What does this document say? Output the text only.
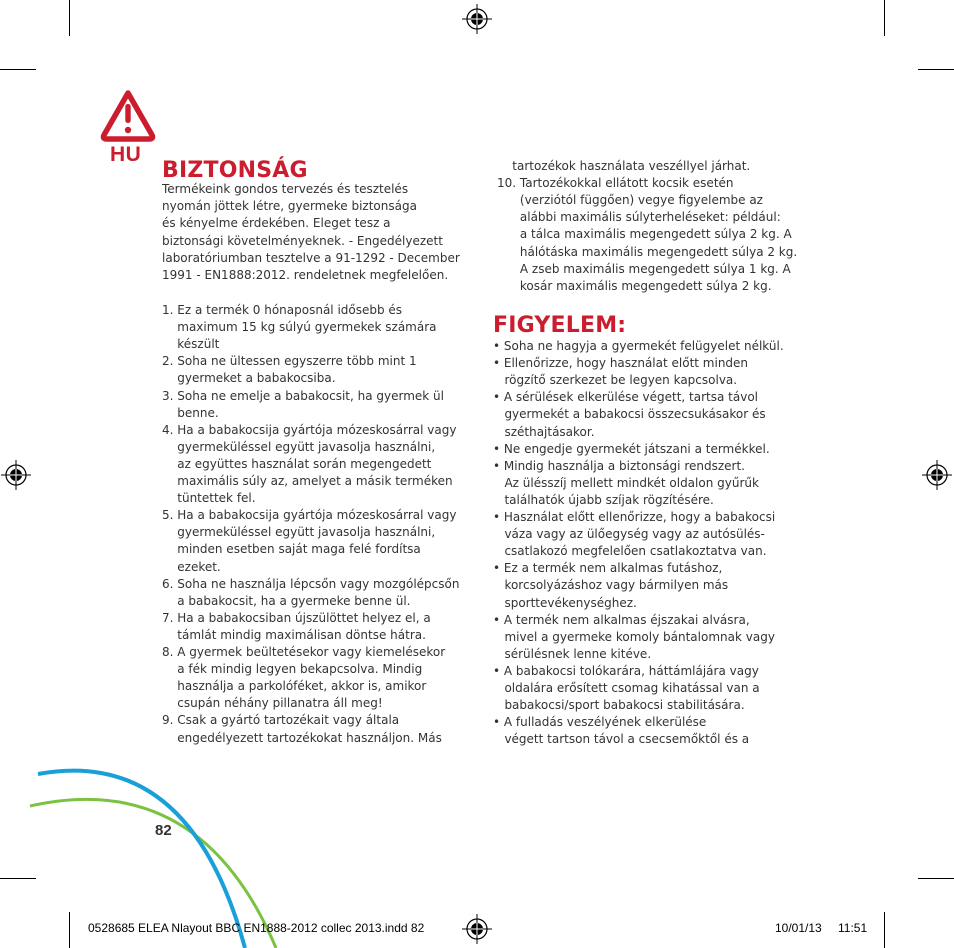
HU
BIZTONSÁG
Termékeink gondos tervezés és tesztelés
nyomán jöttek létre, gyermeke biztonsága
és kényelme érdekében. Eleget tesz a
biztonsági követelményeknek. - Engedélyezett
laboratóriumban tesztelve a 91-1292 - December
1991 - EN1888:2012. rendeletnek megfelelően.
1. Ez a termék 0 hónaposnál idősebb és
maximum 15 kg súlyú gyermekek számára
készült
2. Soha ne ültessen egyszerre több mint 1
gyermeket a babakocsiba.
3. Soha ne emelje a babakocsit, ha gyermek ül
benne.
4. Ha a babakocsija gyártója mózeskosárral vagy
gyermeküléssel együtt javasolja használni,
az együttes használat során megengedett
maximális súly az, amelyet a másik terméken
tüntettek fel.
5. Ha a babakocsija gyártója mózeskosárral vagy
gyermeküléssel együtt javasolja használni,
minden esetben saját maga felé fordítsa
ezeket.
6. Soha ne használja lépcsőn vagy mozgólépcsőn
a babakocsit, ha a gyermeke benne ül.
7. Ha a babakocsiban újszülöttet helyez el, a
támlát mindig maximálisan döntse hátra.
8. A gyermek beültetésekor vagy kiemelésekor
a fék mindig legyen bekapcsolva. Mindig
használja a parkolóféket, akkor is, amikor
csupán néhány pillanatra áll meg!
9. Csak a gyártó tartozékait vagy általa
engedélyezett tartozékokat használjon. Más
tartozékok használata veszéllyel járhat.
10. Tartozékokkal ellátott kocsik esetén
(verziótól függően) vegye figyelembe az
alábbi maximális súlyterheléseket: például:
a tálca maximális megengedett súlya 2 kg. A
hálótáska maximális megengedett súlya 2 kg.
A zseb maximális megengedett súlya 1 kg. A
kosár maximális megengedett súlya 2 kg.
FIGYELEM:
• Soha ne hagyja a gyermekét felügyelet nélkül.
• Ellenőrizze, hogy használat előtt minden
rögzítő szerkezet be legyen kapcsolva.
• A sérülések elkerülése végett, tartsa távol
gyermekét a babakocsi összecsukásakor és
széthajtásakor.
• Ne engedje gyermekét játszani a termékkel.
• Mindig használja a biztonsági rendszert.
Az ülésszíj mellett mindkét oldalon gyűrűk
találhatók újabb szíjak rögzítésére.
• Használat előtt ellenőrizze, hogy a babakocsi
váza vagy az ülőegység vagy az autósülés-
csatlakozó megfelelően csatlakoztatva van.
• Ez a termék nem alkalmas futáshoz,
korcsolyázáshoz vagy bármilyen más
sporttevékenységhez.
• A termék nem alkalmas éjszakai alvásra,
mivel a gyermeke komoly bántalomnak vagy
sérülésnek lenne kitéve.
• A babakocsi tolókarára, háttámlájára vagy
oldalára erősített csomag kihatással van a
babakocsi/sport babakocsi stabilitására.
• A fulladás veszélyének elkerülése
végett tartson távol a csecsemőktől és a
82
0528685 ELEA Nlayout BBC EN1888-2012 collec 2013.indd 82	10/01/13 11:51
